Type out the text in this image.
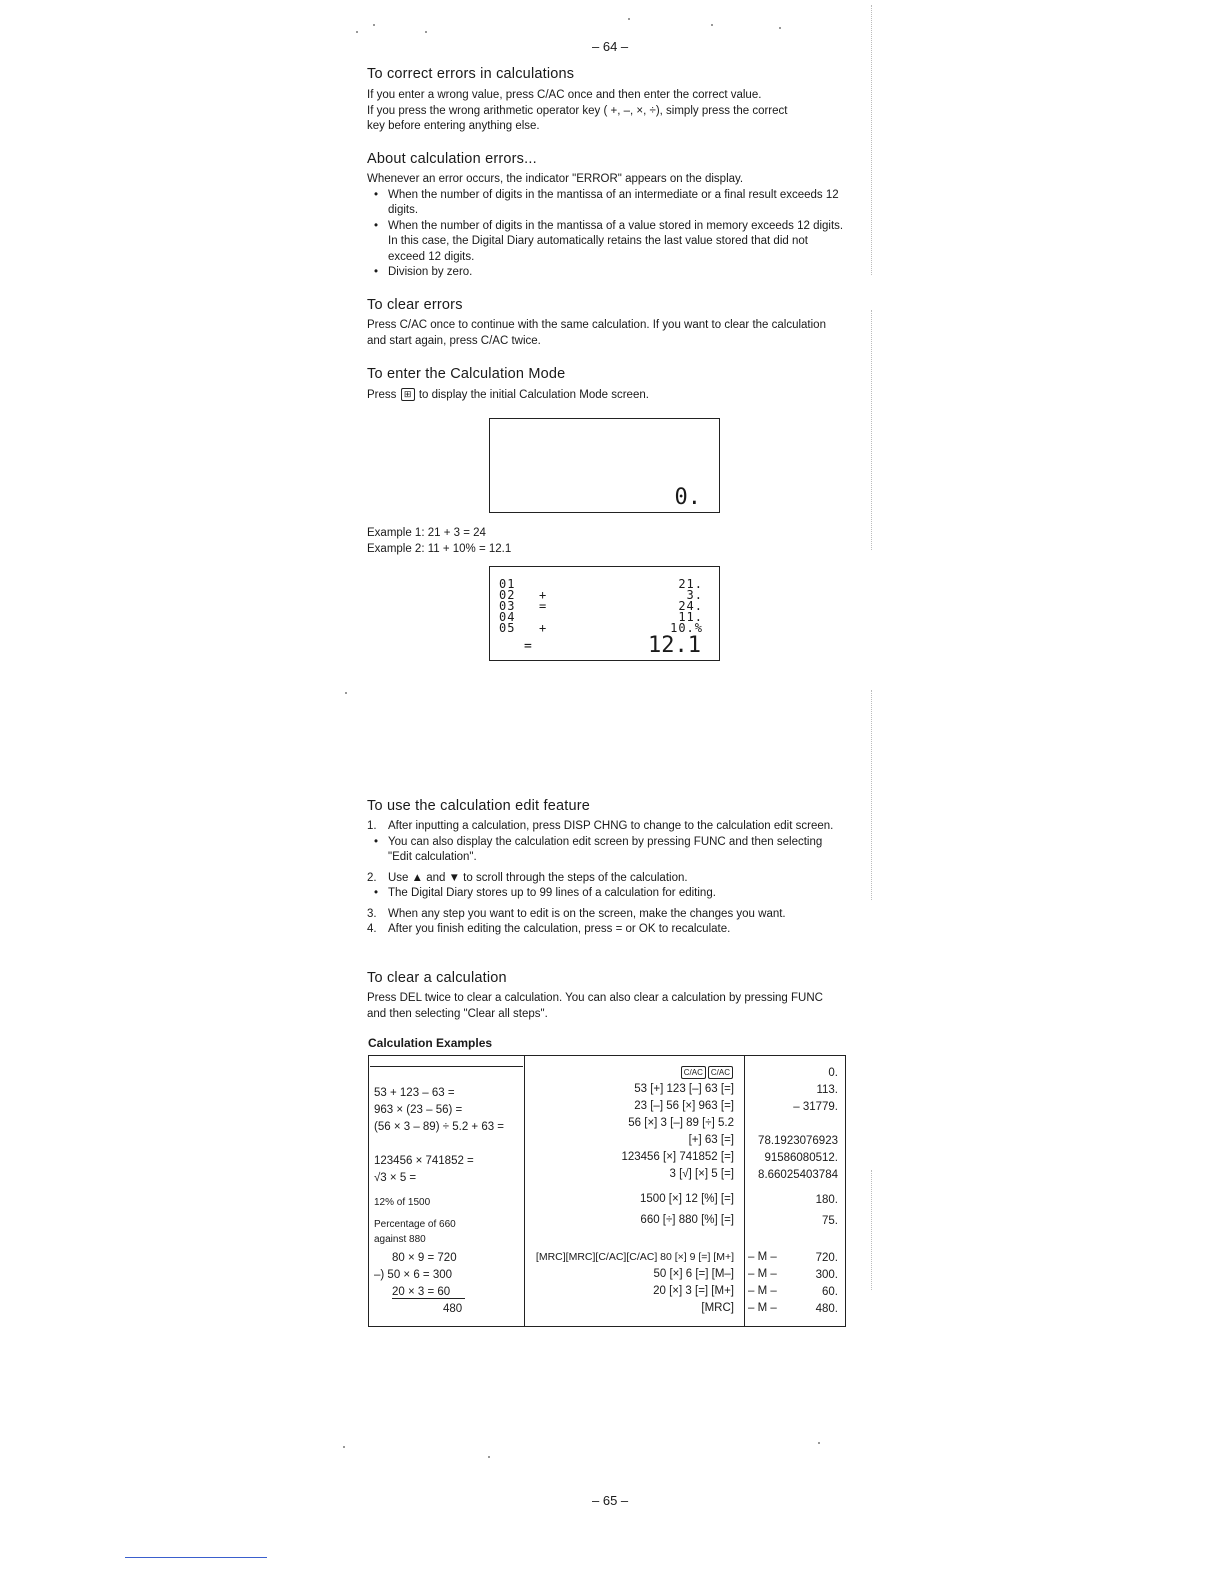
– 64 –
To correct errors in calculations

If you enter a wrong value, press C/AC once and then enter the correct value.

If you press the wrong arithmetic operator key ( +, –, ×, ÷), simply press the correct

key before entering anything else.

About calculation errors...

Whenever an error occurs, the indicator "ERROR" appears on the display.

• When the number of digits in the mantissa of an intermediate or a final result exceeds 12 digits.

• When the number of digits in the mantissa of a value stored in memory exceeds 12 digits. In this case, the Digital Diary automatically retains the last value stored that did not exceed 12 digits.

• Division by zero.

To clear errors
Press C/AC once to continue with the same calculation. If you want to clear the calculation and start again, press C/AC twice.
To enter the Calculation Mode
Press ⊞ to display the initial Calculation Mode screen.
0.

Example 1: 21 + 3 = 24

Example 2: 11 + 10% = 12.1

01
02
03
04
05
+
=
+
21.
3.
24.
11.
10.%
=	12.1
To use the calculation edit feature

1. After inputting a calculation, press DISP CHNG to change to the calculation edit screen.

• You can also display the calculation edit screen by pressing FUNC and then selecting "Edit calculation".

2. Use ▲ and ▼ to scroll through the steps of the calculation.

• The Digital Diary stores up to 99 lines of a calculation for editing.

3. When any step you want to edit is on the screen, make the changes you want.

4. After you finish editing the calculation, press = or OK to recalculate.

To clear a calculation
Press DEL twice to clear a calculation. You can also clear a calculation by pressing FUNC and then selecting "Clear all steps".
Calculation Examples
53 + 123 – 63 =
963 × (23 – 56) =
(56 × 3 – 89) ÷ 5.2 + 63 =
123456 × 741852 =
√3 × 5 =
12% of 1500
Percentage of 660 against 880
80 × 9 = 720
–) 50 × 6 = 300
20 × 3 = 60
480
C/AC C/AC
53 [+] 123 [–] 63 [=]
23 [–] 56 [×] 963 [=]
56 [×] 3 [–] 89 [÷] 5.2
[+] 63 [=]
123456 [×] 741852 [=]
3 [√] [×] 5 [=]
1500 [×] 12 [%] [=]
660 [÷] 880 [%] [=]
[MRC][MRC][C/AC][C/AC] 80 [×] 9 [=] [M+]
50 [×] 6 [=] [M–]
20 [×] 3 [=] [M+]
[MRC]
– M –
– M –
– M –
– M –
0.
113.
– 31779.
78.1923076923
91586080512.
8.66025403784
180.
75.
720.
300.
60.
480.
– 65 –
